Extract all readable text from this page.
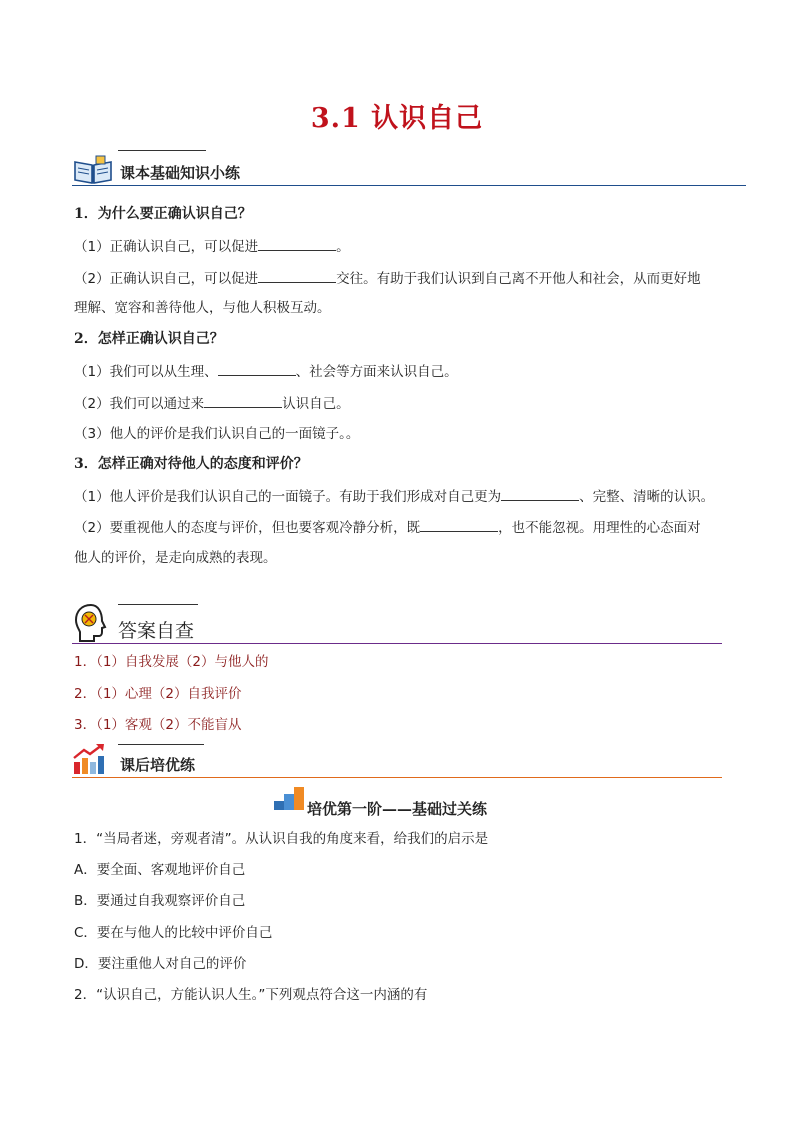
3.1 认识自己
课本基础知识小练
1．为什么要正确认识自己？
（1）正确认识自己，可以促进	。
（2）正确认识自己，可以促进	交往。有助于我们认识到自己离不开他人和社会，从而更好地
理解、宽容和善待他人，与他人积极互动。
2．怎样正确认识自己？
（1）我们可以从生理、	、社会等方面来认识自己。
（2）我们可以通过来	认识自己。
（3）他人的评价是我们认识自己的一面镜子。。
3．怎样正确对待他人的态度和评价？
（1）他人评价是我们认识自己的一面镜子。有助于我们形成对自己更为	、完整、清晰的认识。
（2）要重视他人的态度与评价，但也要客观冷静分析，既	，也不能忽视。用理性的心态面对
他人的评价，是走向成熟的表现。
答案自查
1．（1）自我发展（2）与他人的
2．（1）心理（2）自我评价
3．（1）客观（2）不能盲从
课后培优练
培优第一阶——基础过关练
1．“当局者迷，旁观者清”。从认识自我的角度来看，给我们的启示是
A．要全面、客观地评价自己
B．要通过自我观察评价自己
C．要在与他人的比较中评价自己
D．要注重他人对自己的评价
2．“认识自己，方能认识人生。”下列观点符合这一内涵的有
